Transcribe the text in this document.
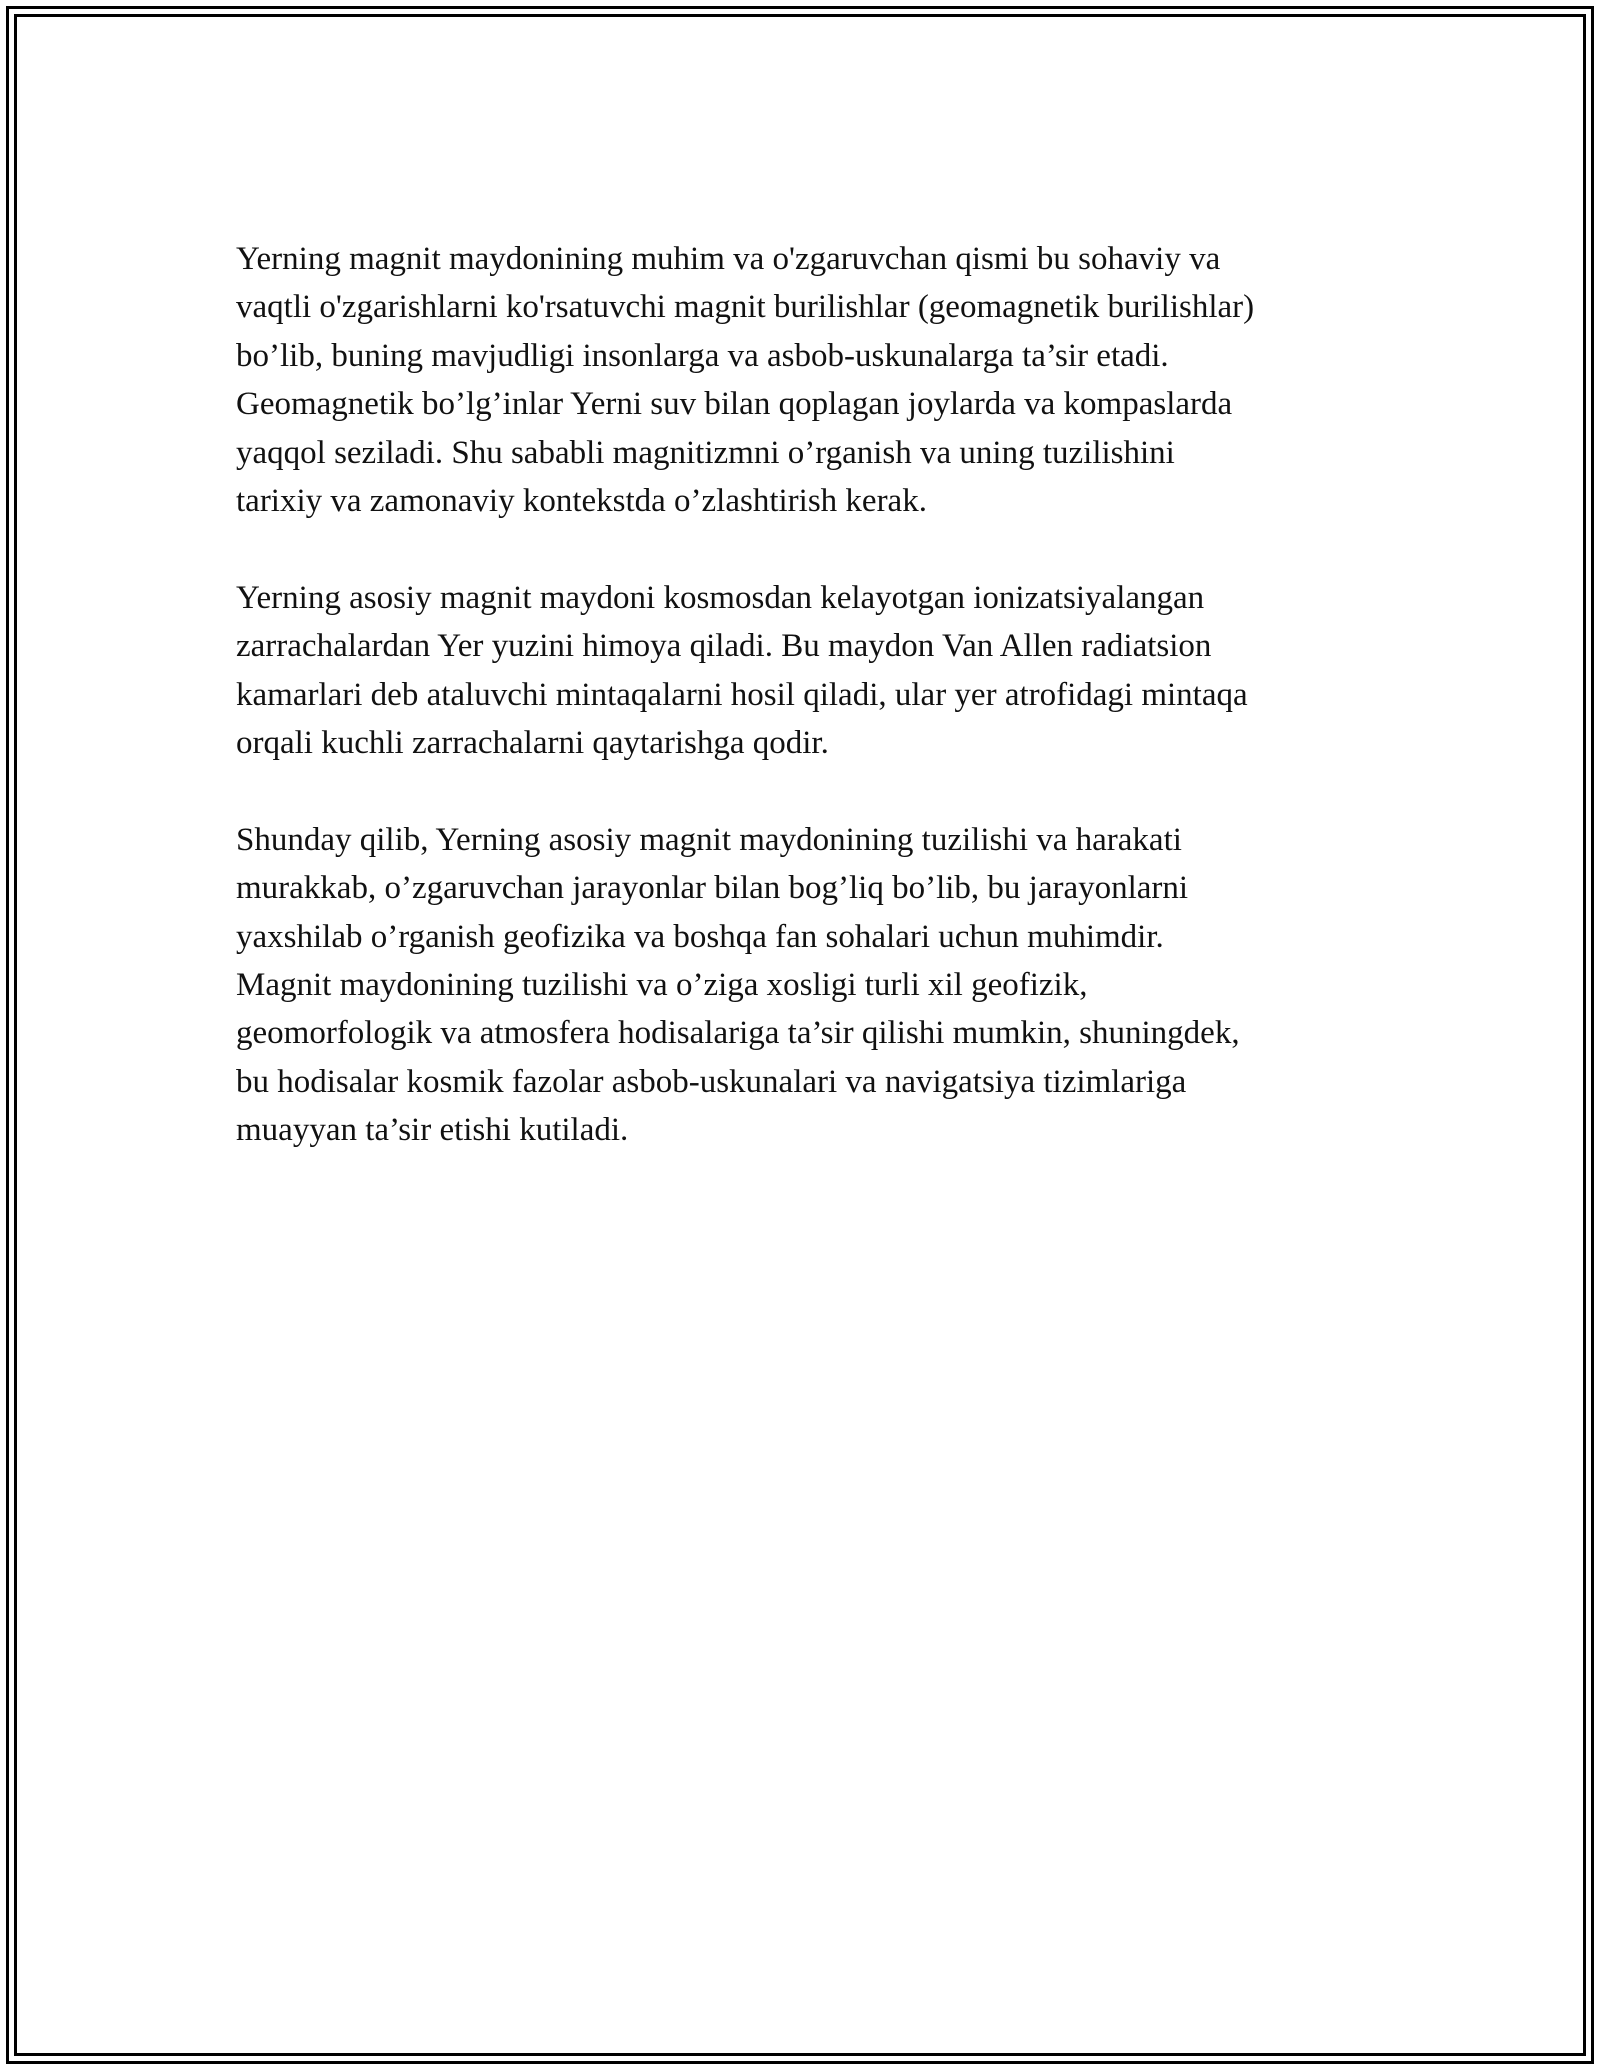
Yerning magnit maydonining muhim va o'zgaruvchan qismi bu sohaviy va
vaqtli o'zgarishlarni ko'rsatuvchi magnit burilishlar (geomagnetik burilishlar)
bo’lib, buning mavjudligi insonlarga va asbob-uskunalarga ta’sir etadi.
Geomagnetik bo’lg’inlar Yerni suv bilan qoplagan joylarda va kompaslarda
yaqqol seziladi. Shu sababli magnitizmni o’rganish va uning tuzilishini
tarixiy va zamonaviy kontekstda o’zlashtirish kerak.

Yerning asosiy magnit maydoni kosmosdan kelayotgan ionizatsiyalangan
zarrachalardan Yer yuzini himoya qiladi. Bu maydon Van Allen radiatsion
kamarlari deb ataluvchi mintaqalarni hosil qiladi, ular yer atrofidagi mintaqa
orqali kuchli zarrachalarni qaytarishga qodir.

Shunday qilib, Yerning asosiy magnit maydonining tuzilishi va harakati
murakkab, o’zgaruvchan jarayonlar bilan bog’liq bo’lib, bu jarayonlarni
yaxshilab o’rganish geofizika va boshqa fan sohalari uchun muhimdir.
Magnit maydonining tuzilishi va o’ziga xosligi turli xil geofizik,
geomorfologik va atmosfera hodisalariga ta’sir qilishi mumkin, shuningdek,
bu hodisalar kosmik fazolar asbob-uskunalari va navigatsiya tizimlariga
muayyan ta’sir etishi kutiladi.
